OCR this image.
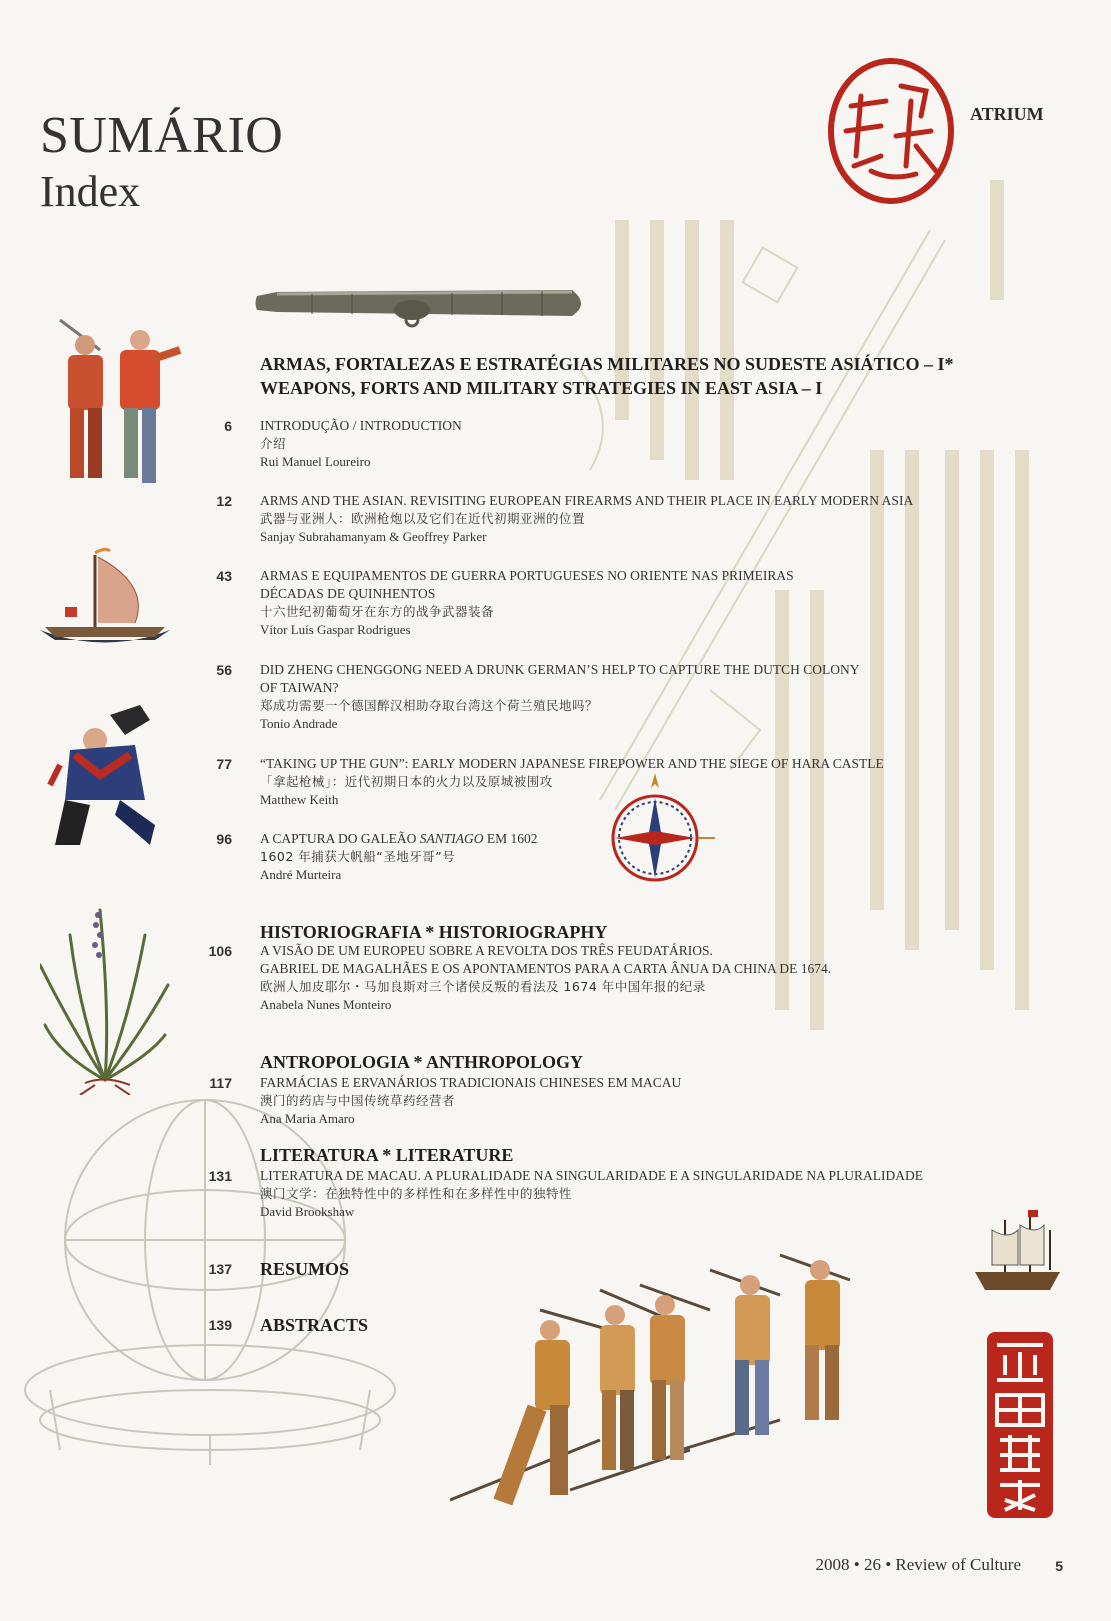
SUMÁRIO
Index
ATRIUM
ARMAS, FORTALEZAS E ESTRATÉGIAS MILITARES NO SUDESTE ASIÁTICO – I*
WEAPONS, FORTS AND MILITARY STRATEGIES IN EAST ASIA – I
6 INTRODUÇÃO / INTRODUCTION
介绍
Rui Manuel Loureiro
12 ARMS AND THE ASIAN. REVISITING EUROPEAN FIREARMS AND THEIR PLACE IN EARLY MODERN ASIA
武器与亚洲人：欧洲枪炮以及它们在近代初期亚洲的位置
Sanjay Subrahamanyam & Geoffrey Parker
43 ARMAS E EQUIPAMENTOS DE GUERRA PORTUGUESES NO ORIENTE NAS PRIMEIRAS
DÉCADAS DE QUINHENTOS
十六世纪初葡萄牙在东方的战争武器装备
Vítor Luís Gaspar Rodrigues
56 DID ZHENG CHENGGONG NEED A DRUNK GERMAN’S HELP TO CAPTURE THE DUTCH COLONY
OF TAIWAN?
郑成功需要一个德国醉汉相助夺取台湾这个荷兰殖民地吗？
Tonio Andrade
77 “TAKING UP THE GUN”: EARLY MODERN JAPANESE FIREPOWER AND THE SIEGE OF HARA CASTLE
「拿起枪械」：近代初期日本的火力以及原城被围攻
Matthew Keith
96 A CAPTURA DO GALEÃO SANTIAGO EM 1602
1602 年捕获大帆船“圣地牙哥”号
André Murteira
HISTORIOGRAFIA * HISTORIOGRAPHY
106 A VISÃO DE UM EUROPEU SOBRE A REVOLTA DOS TRÊS FEUDATÁRIOS.
GABRIEL DE MAGALHÃES E OS APONTAMENTOS PARA A CARTA ÂNUA DA CHINA DE 1674.
欧洲人加皮耶尔・马加良斯对三个诸侯反叛的看法及 1674 年中国年报的纪录
Anabela Nunes Monteiro
ANTROPOLOGIA * ANTHROPOLOGY
117 FARMÁCIAS E ERVANÁRIOS TRADICIONAIS CHINESES EM MACAU
澳门的药店与中国传统草药经营者
Ana Maria Amaro
LITERATURA * LITERATURE
131 LITERATURA DE MACAU. A PLURALIDADE NA SINGULARIDADE E A SINGULARIDADE NA PLURALIDADE
澳门文学：在独特性中的多样性和在多样性中的独特性
David Brookshaw
137 RESUMOS
139 ABSTRACTS
2008 • 26 • Review of Culture 5
